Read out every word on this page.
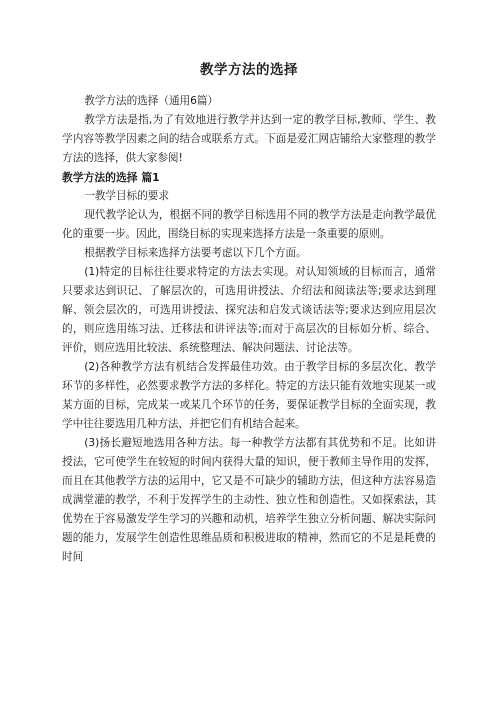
教学方法的选择

教学方法的选择（通用6篇）

教学方法是指,为了有效地进行教学并达到一定的教学目标,教师、学生、教学内容等教学因素之间的结合或联系方式。下面是爱汇网店铺给大家整理的教学方法的选择，供大家参阅!

教学方法的选择 篇1

一教学目标的要求

现代教学论认为，根据不同的教学目标选用不同的教学方法是走向教学最优化的重要一步。因此，围绕目标的实现来选择方法是一条重要的原则。

根据教学目标来选择方法要考虑以下几个方面。

(1)特定的目标往往要求特定的方法去实现。对认知领域的目标而言，通常只要求达到识记、了解层次的，可选用讲授法、介绍法和阅读法等;要求达到理解、领会层次的，可选用讲授法、探究法和启发式谈话法等;要求达到应用层次的，则应选用练习法、迁移法和讲评法等;而对于高层次的目标如分析、综合、评价，则应选用比较法、系统整理法、解决问题法、讨论法等。

(2)各种教学方法有机结合发挥最佳功效。由于教学目标的多层次化、教学环节的多样性，必然要求教学方法的多样化。特定的方法只能有效地实现某一或某方面的目标，完成某一或某几个环节的任务，要保证教学目标的全面实现，教学中往往要选用几种方法，并把它们有机结合起来。

(3)扬长避短地选用各种方法。每一种教学方法都有其优势和不足。比如讲授法，它可使学生在较短的时间内获得大量的知识，便于教师主导作用的发挥，而且在其他教学方法的运用中，它又是不可缺少的辅助方法，但这种方法容易造成满堂灌的教学，不利于发挥学生的主动性、独立性和创造性。又如探索法，其优势在于容易激发学生学习的兴趣和动机，培养学生独立分析问题、解决实际问题的能力，发展学生创造性思维品质和积极进取的精神，然而它的不足是耗费的时间
